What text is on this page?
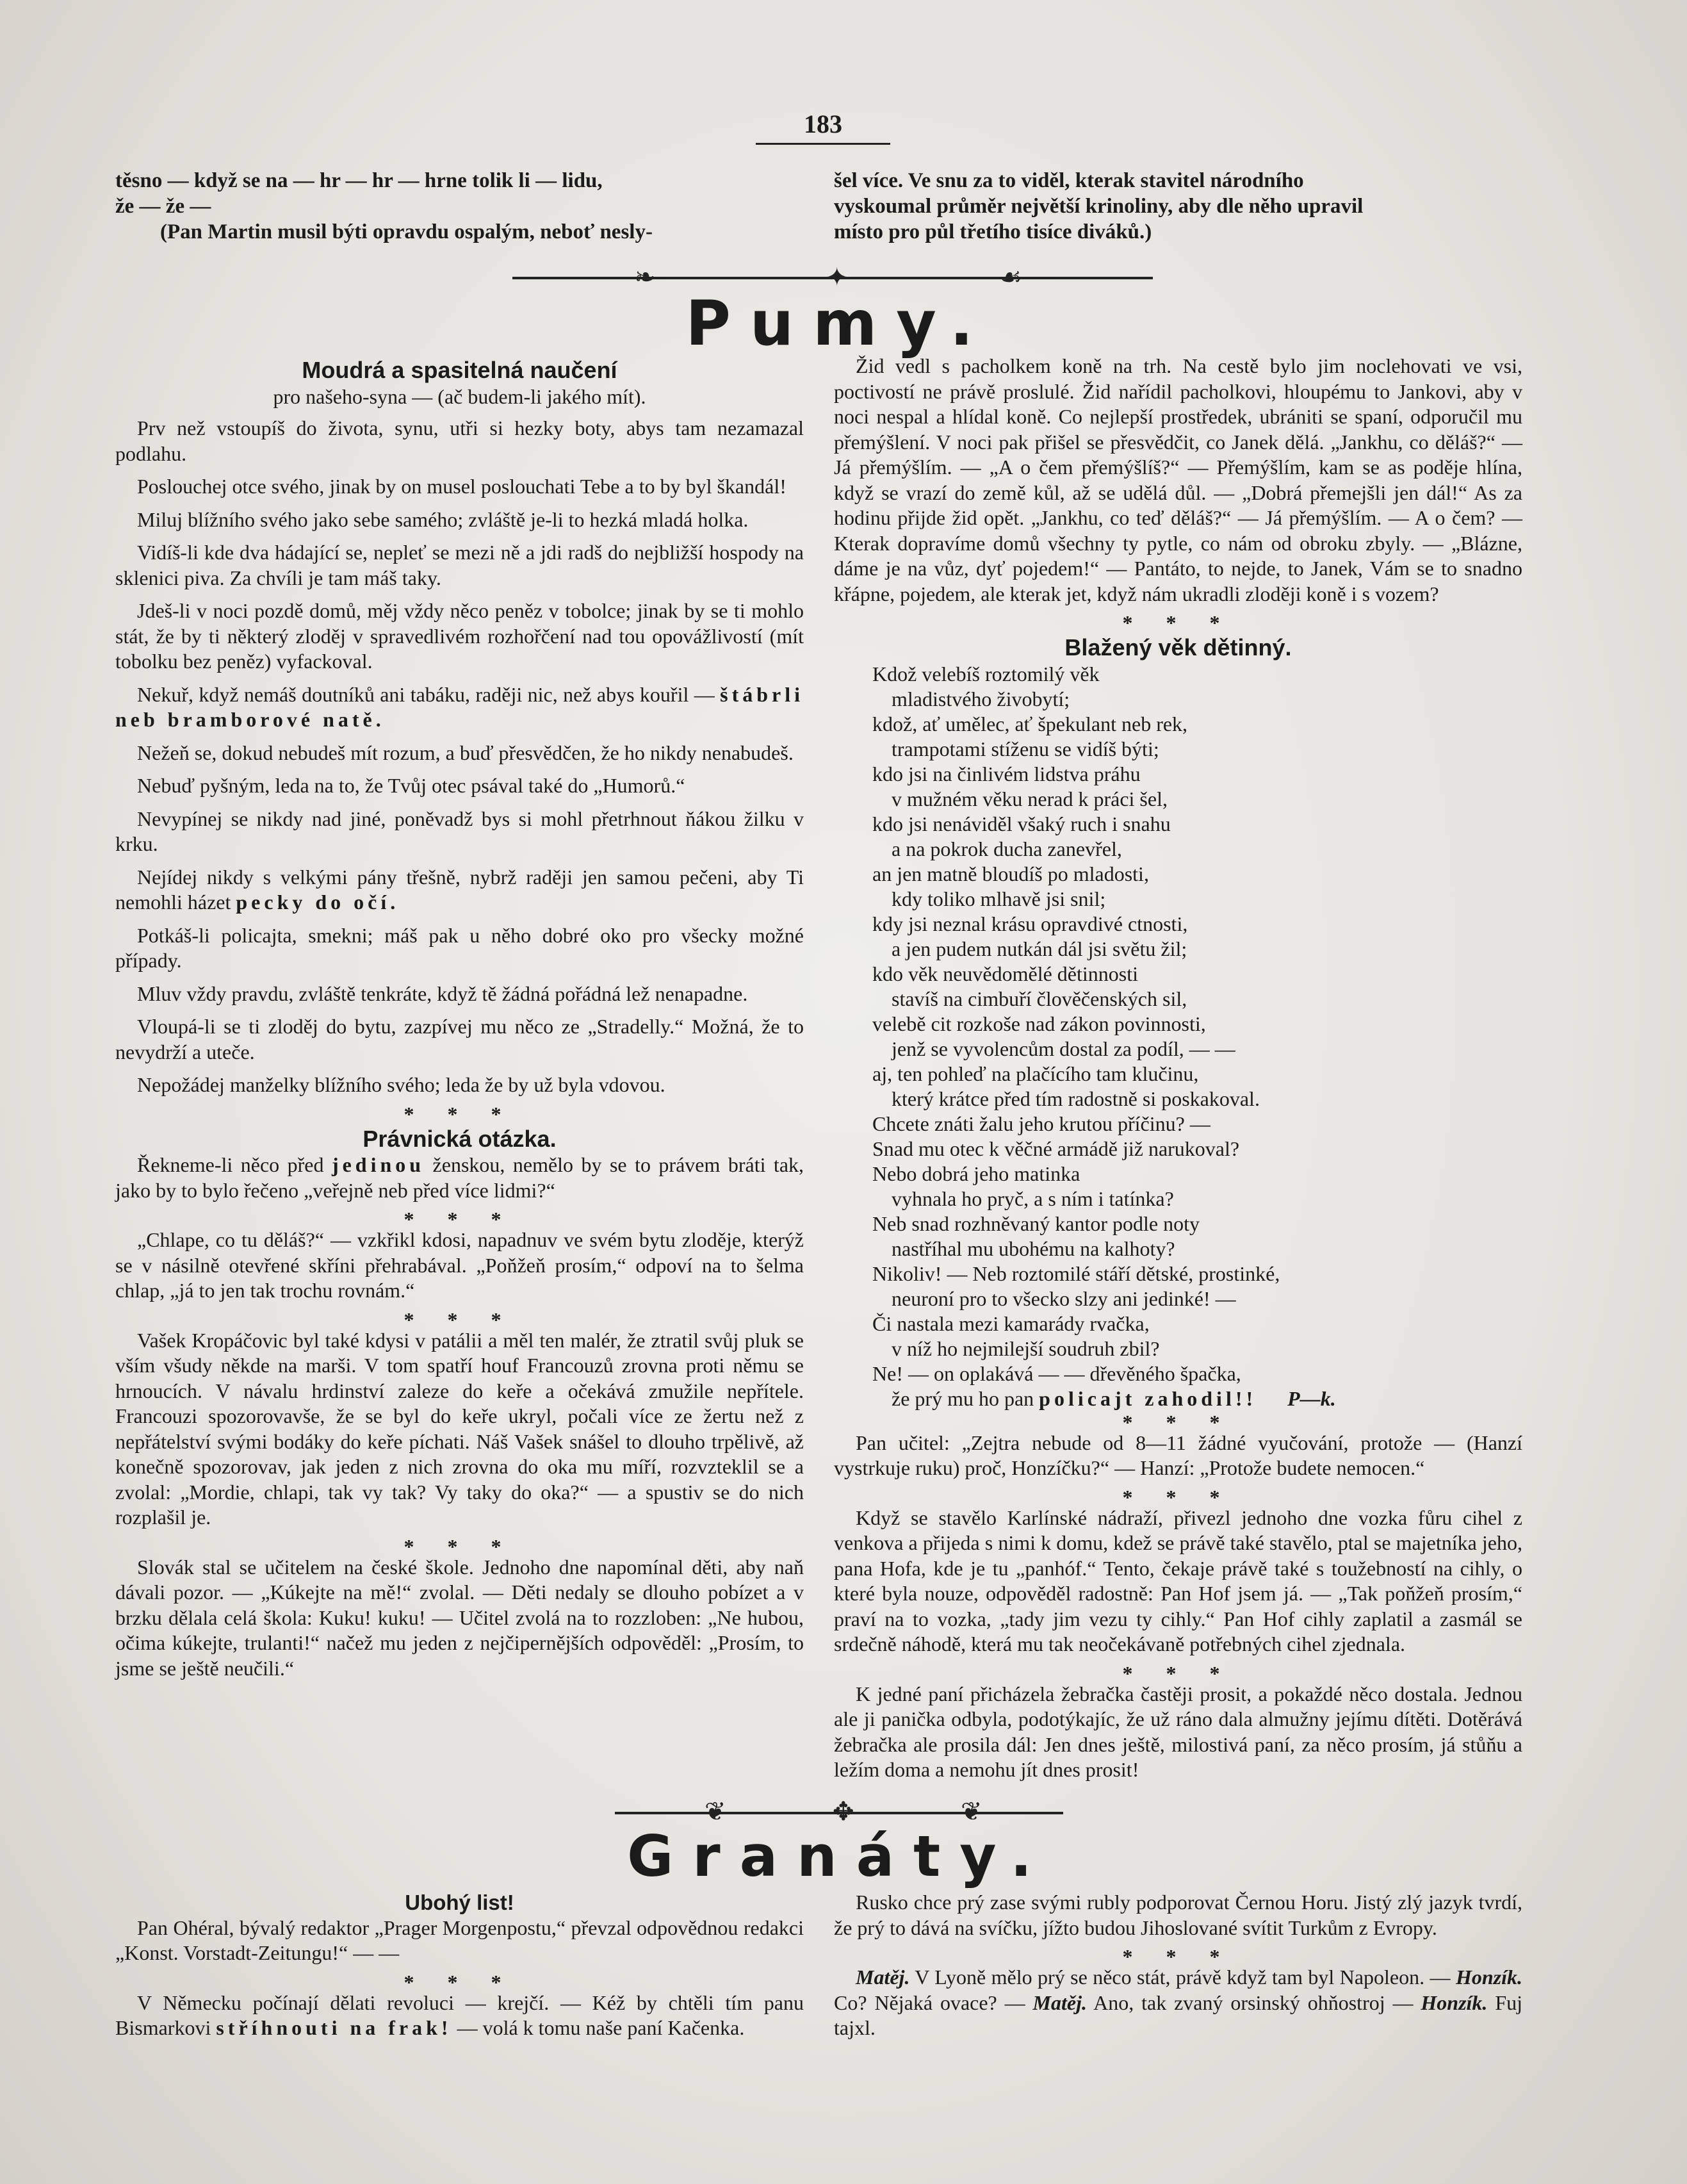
183

těsno — když se na — hr — hr — hrne tolik li — lidu,

že — že —

(Pan Martin musil býti opravdu ospalým, neboť nesly-

šel více. Ve snu za to viděl, kterak stavitel národního

vyskoumal průměr největší krinoliny, aby dle něho upravil

místo pro půl třetího tisíce diváků.)

❧	✦	☙
Pumy.
Moudrá a spasitelná naučení

pro našeho-syna — (ač budem-li jakého mít).

Prv než vstoupíš do života, synu, utři si hezky boty, abys tam nezamazal podlahu.

Poslouchej otce svého, jinak by on musel poslouchati Tebe a to by byl škandál!

Miluj blížního svého jako sebe samého; zvláště je-li to hezká mladá holka.

Vidíš-li kde dva hádající se, nepleť se mezi ně a jdi radš do nejbližší hospody na sklenici piva. Za chvíli je tam máš taky.

Jdeš-li v noci pozdě domů, měj vždy něco peněz v tobolce; jinak by se ti mohlo stát, že by ti některý zloděj v spravedlivém rozhořčení nad tou opovážlivostí (mít tobolku bez peněz) vyfackoval.

Nekuř, když nemáš doutníků ani tabáku, raději nic, než abys kouřil — štábrli neb bramborové natě.

Nežeň se, dokud nebudeš mít rozum, a buď přesvědčen, že ho nikdy nenabudeš.

Nebuď pyšným, leda na to, že Tvůj otec psával také do „Humorů.“

Nevypínej se nikdy nad jiné, poněvadž bys si mohl přetrhnout ňákou žilku v krku.

Nejídej nikdy s velkými pány třešně, nybrž raději jen samou pečeni, aby Ti nemohli házet pecky do očí.

Potkáš-li policajta, smekni; máš pak u něho dobré oko pro všecky možné případy.

Mluv vždy pravdu, zvláště tenkráte, když tě žádná pořádná lež nenapadne.

Vloupá-li se ti zloděj do bytu, zazpívej mu něco ze „Stradelly.“ Možná, že to nevydrží a uteče.

Nepožádej manželky blížního svého; leda že by už byla vdovou.

* * *
Právnická otázka.

Řekneme-li něco před jedinou ženskou, nemělo by se to právem bráti tak, jako by to bylo řečeno „veřejně neb před více lidmi?“

* * *

„Chlape, co tu děláš?“ — vzkřikl kdosi, napadnuv ve svém bytu zloděje, kterýž se v násilně otevřené skříni přehrabával. „Poňžeň prosím,“ odpoví na to šelma chlap, „já to jen tak trochu rovnám.“

* * *

Vašek Kropáčovic byl také kdysi v patálii a měl ten malér, že ztratil svůj pluk se vším všudy někde na marši. V tom spatří houf Francouzů zrovna proti němu se hrnoucích. V návalu hrdinství zaleze do keře a očekává zmužile nepřítele. Francouzi spozorovavše, že se byl do keře ukryl, počali více ze žertu než z nepřátelství svými bodáky do keře píchati. Náš Vašek snášel to dlouho trpělivě, až konečně spozorovav, jak jeden z nich zrovna do oka mu míří, rozvzteklil se a zvolal: „Mordie, chlapi, tak vy tak? Vy taky do oka?“ — a spustiv se do nich rozplašil je.

* * *

Slovák stal se učitelem na české škole. Jednoho dne napomínal děti, aby naň dávali pozor. — „Kúkejte na mě!“ zvolal. — Děti nedaly se dlouho pobízet a v brzku dělala celá škola: Kuku! kuku! — Učitel zvolá na to rozzloben: „Ne hubou, očima kúkejte, trulanti!“ načež mu jeden z nejčipernějších odpověděl: „Prosím, to jsme se ještě neučili.“

Žid vedl s pacholkem koně na trh. Na cestě bylo jim noclehovati ve vsi, poctivostí ne právě proslulé. Žid nařídil pacholkovi, hloupému to Jankovi, aby v noci nespal a hlídal koně. Co nejlepší prostředek, ubrániti se spaní, odporučil mu přemýšlení. V noci pak přišel se přesvědčit, co Janek dělá. „Jankhu, co děláš?“ — Já přemýšlím. — „A o čem přemýšlíš?“ — Přemýšlím, kam se as poděje hlína, když se vrazí do země kůl, až se udělá důl. — „Dobrá přemejšli jen dál!“ As za hodinu přijde žid opět. „Jankhu, co teď děláš?“ — Já přemýšlím. — A o čem? — Kterak dopravíme domů všechny ty pytle, co nám od obroku zbyly. — „Blázne, dáme je na vůz, dyť pojedem!“ — Pantáto, to nejde, to Janek, Vám se to snadno křápne, pojedem, ale kterak jet, když nám ukradli zloději koně i s vozem?

* * *
Blažený věk dětinný.
Kdož velebíš roztomilý věk
mladistvého živobytí;
kdož, ať umělec, ať špekulant neb rek,
trampotami stíženu se vidíš býti;
kdo jsi na činlivém lidstva práhu
v mužném věku nerad k práci šel,
kdo jsi nenáviděl všaký ruch i snahu
a na pokrok ducha zanevřel,
an jen matně bloudíš po mladosti,
kdy toliko mlhavě jsi snil;
kdy jsi neznal krásu opravdivé ctnosti,
a jen pudem nutkán dál jsi světu žil;
kdo věk neuvědomělé dětinnosti
stavíš na cimbuří člověčenských sil,
velebě cit rozkoše nad zákon povinnosti,
jenž se vyvolencům dostal za podíl, — —
aj, ten pohleď na plačícího tam klučinu,
který krátce před tím radostně si poskakoval.
Chcete znáti žalu jeho krutou příčinu? —
Snad mu otec k věčné armádě již narukoval?
Nebo dobrá jeho matinka
vyhnala ho pryč, a s ním i tatínka?
Neb snad rozhněvaný kantor podle noty
nastříhal mu ubohému na kalhoty?
Nikoliv! — Neb roztomilé stáří dětské, prostinké,
neuroní pro to všecko slzy ani jedinké! —
Či nastala mezi kamarády rvačka,
v níž ho nejmilejší soudruh zbil?
Ne! — on oplakává — — dřevěného špačka,
že prý mu ho pan policajt zahodil!! P—k.
* * *

Pan učitel: „Zejtra nebude od 8—11 žádné vyučování, protože — (Hanzí vystrkuje ruku) proč, Honzíčku?“ — Hanzí: „Protože budete nemocen.“

* * *

Když se stavělo Karlínské nádraží, přivezl jednoho dne vozka fůru cihel z venkova a přijeda s nimi k domu, kdež se právě také stavělo, ptal se majetníka jeho, pana Hofa, kde je tu „panhóf.“ Tento, čekaje právě také s toužebností na cihly, o které byla nouze, odpověděl radostně: Pan Hof jsem já. — „Tak poňžeň prosím,“ praví na to vozka, „tady jim vezu ty cihly.“ Pan Hof cihly zaplatil a zasmál se srdečně náhodě, která mu tak neočekávaně potřebných cihel zjednala.

* * *

K jedné paní přicházela žebračka častěji prosit, a pokaždé něco dostala. Jednou ale ji panička odbyla, podotýkajíc, že už ráno dala almužny jejímu dítěti. Dotěrává žebračka ale prosila dál: Jen dnes ještě, milostivá paní, za něco prosím, já stůňu a ležím doma a nemohu jít dnes prosit!

❦	✥	❦
Granáty.
Ubohý list!

Pan Ohéral, bývalý redaktor „Prager Morgenpostu,“ převzal odpovědnou redakci „Konst. Vorstadt-Zeitungu!“ — —

* * *

V Německu počínají dělati revoluci — krejčí. — Kéž by chtěli tím panu Bismarkovi stříhnouti na frak! — volá k tomu naše paní Kačenka.

Rusko chce prý zase svými rubly podporovat Černou Horu. Jistý zlý jazyk tvrdí, že prý to dává na svíčku, jížto budou Jihoslované svítit Turkům z Evropy.

* * *

Matěj. V Lyoně mělo prý se něco stát, právě když tam byl Napoleon. — Honzík. Co? Nějaká ovace? — Matěj. Ano, tak zvaný orsinský ohňostroj — Honzík. Fuj tajxl.
